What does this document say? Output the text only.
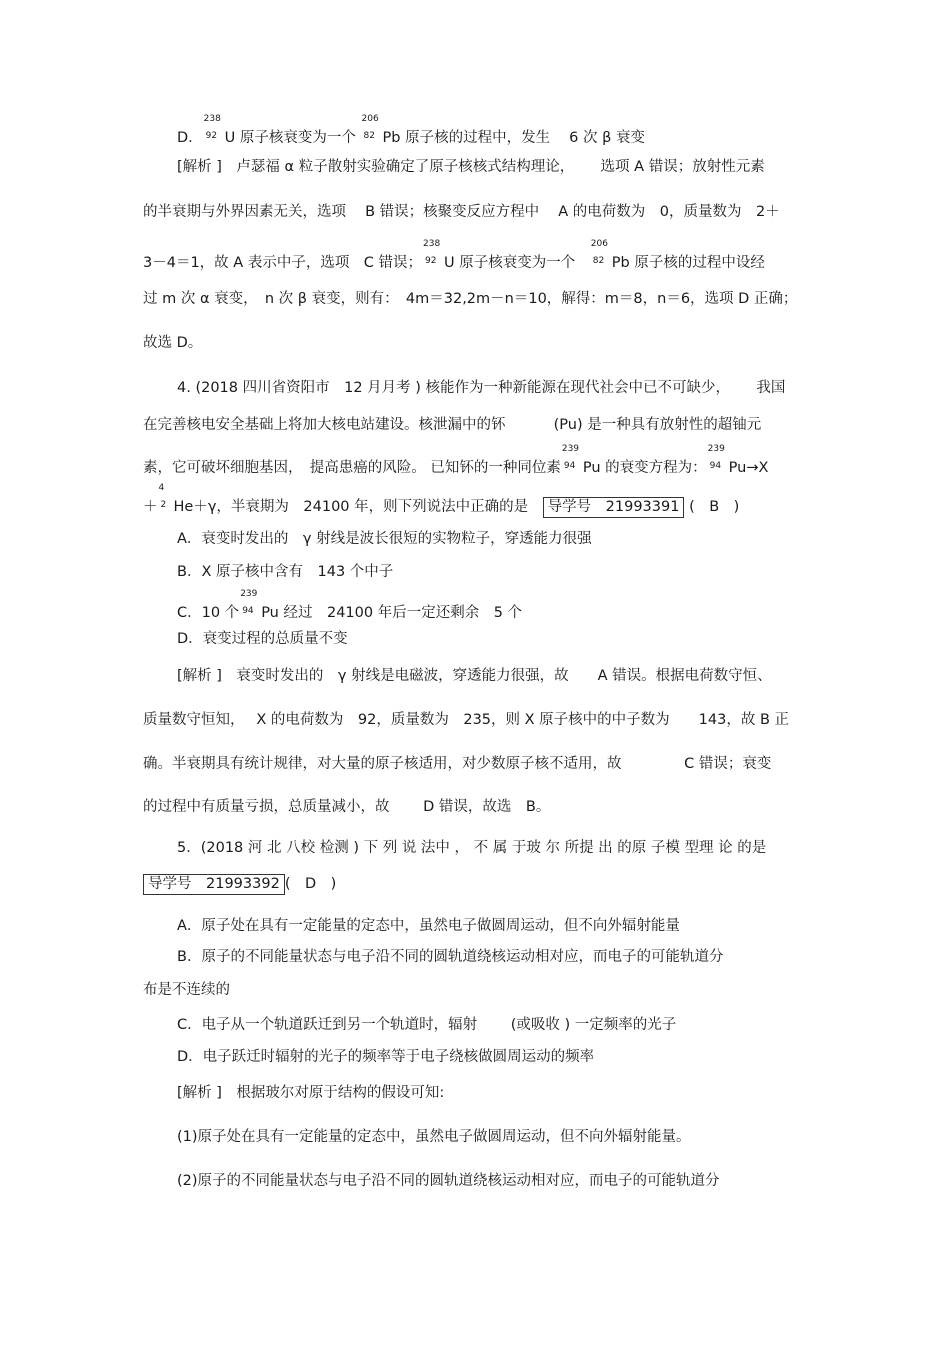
D．
238
92 U 原子核衰变为一个
206
82 Pb 原子核的过程中，发生　 6 次 β 衰变
[解析 ]　卢瑟福 α 粒子散射实验确定了原子核核式结构理论，　　 选项 A 错误；放射性元素
的半衰期与外界因素无关，选项　 B 错误；核聚变反应方程中　 A 的电荷数为　0，质量数为　2＋
3－4＝1，故 A 表示中子，选项　C 错误；
238
92 U 原子核衰变为一个　
206
82 Pb 原子核的过程中设经
过 m 次 α 衰变，　n 次 β 衰变，则有：　4m＝32,2m－n＝10，解得：m＝8，n＝6，选项 D 正确；
故选 D。
4. (2018 四川省资阳市　12 月月考 ) 核能作为一种新能源在现代社会中已不可缺少，　　 我国
在完善核电安全基础上将加大核电站建设。核泄漏中的钚　　　 (Pu) 是一种具有放射性的超铀元
素，它可破坏细胞基因，　提高患癌的风险。 已知钚的一种同位素
239
94 Pu 的衰变方程为：
239
94 Pu→X
＋
4
2 He＋γ，半衰期为　24100 年，则下列说法中正确的是　 导学号　21993391 (　B　)
A．衰变时发出的　γ 射线是波长很短的实物粒子，穿透能力很强
B．X 原子核中含有　143 个中子
C．10 个
239
94 Pu 经过　24100 年后一定还剩余　5 个
D．衰变过程的总质量不变
[解析 ]　衰变时发出的　γ 射线是电磁波，穿透能力很强，故　　A 错误。根据电荷数守恒、
质量数守恒知，　 X 的电荷数为　92，质量数为　235，则 X 原子核中的中子数为　　143，故 B 正
确。半衰期具有统计规律，对大量的原子核适用，对少数原子核不适用，故　　　　 C 错误；衰变
的过程中有质量亏损，总质量减小，故　　 D 错误，故选　B。
5．(2018 河 北 八校 检测 ) 下 列 说 法中 ， 不 属 于玻 尔 所提 出 的原 子模 型理 论 的是
导学号　21993392 (　D　)
A．原子处在具有一定能量的定态中，虽然电子做圆周运动，但不向外辐射能量
B．原子的不同能量状态与电子沿不同的圆轨道绕核运动相对应，而电子的可能轨道分
布是不连续的
C．电子从一个轨道跃迁到另一个轨道时，辐射　　 (或吸收 ) 一定频率的光子
D．电子跃迁时辐射的光子的频率等于电子绕核做圆周运动的频率
[解析 ]　根据玻尔对原于结构的假设可知:
(1)原子处在具有一定能量的定态中，虽然电子做圆周运动，但不向外辐射能量。
(2)原子的不同能量状态与电子沿不同的圆轨道绕核运动相对应，而电子的可能轨道分
